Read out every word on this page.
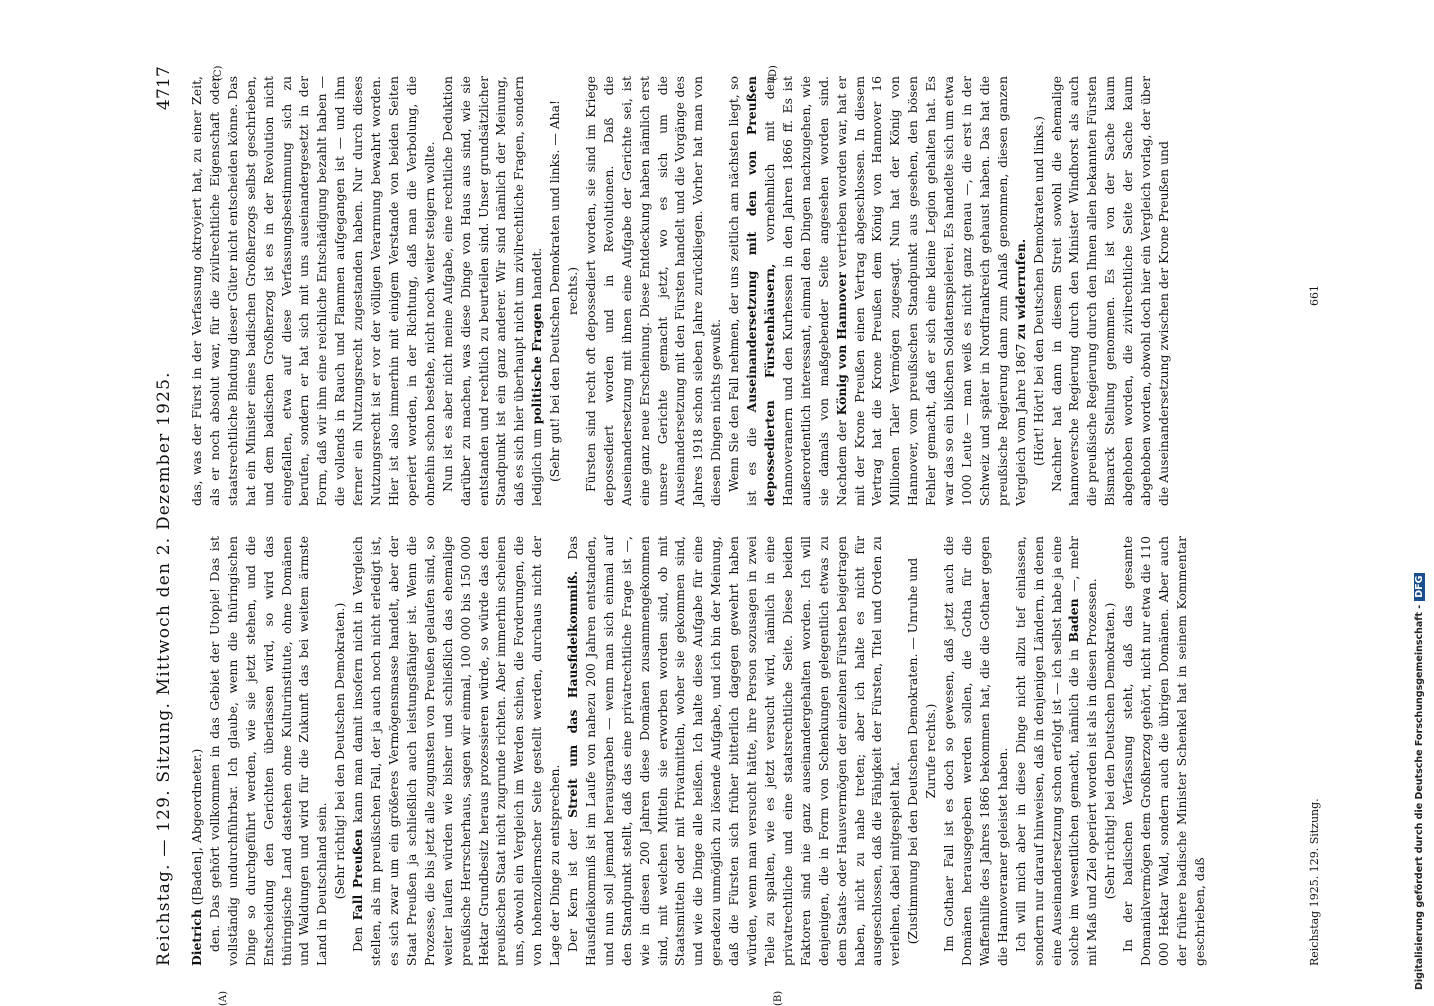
Reichstag. — 129. Sitzung. Mittwoch den 2. Dezember 1925.
4717
(A)	(B)
(C)	(D)

Dietrich ([Baden], Abgeordneter.) den. Das gehört vollkommen in das Gebiet der Utopie! Das ist vollständig undurchführbar. Ich glaube, wenn die thüringischen Dinge so durchgeführt werden, wie sie jetzt stehen, und die Entscheidung den Gerichten überlassen wird, so wird das thüringische Land dastehen ohne Kulturinstitute, ohne Domänen und Waldungen und wird für die Zukunft das bei weitem ärmste Land in Deutschland sein. (Sehr richtig! bei den Deutschen Demokraten.)

Den Fall Preußen kann man damit insofern nicht in Vergleich stellen, als im preußischen Fall, der ja auch noch nicht erledigt ist, es sich zwar um ein größeres Vermögensmasse handelt, aber der Staat Preußen ja schließlich auch leistungsfähiger ist. Wenn die Prozesse, die bis jetzt alle zugunsten von Preußen gelaufen sind, so weiter laufen würden wie bisher und schließlich das ehemalige preußische Herrscherhaus, sagen wir einmal, 100 000 bis 150 000 Hektar Grundbesitz heraus prozessieren würde, so würde das den preußischen Staat nicht zugrunde richten. Aber immerhin scheinen uns, obwohl ein Vergleich im Werden schien, die Forderungen, die von hohenzollernscher Seite gestellt werden, durchaus nicht der Lage der Dinge zu entsprechen. Der Kern ist der Streit um das Hausfideikommiß. Das Hausfideikommiß ist im Laufe von nahezu 200 Jahren entstanden, und nun soll jemand herausgraben — wenn man sich einmal auf den Standpunkt stellt, daß das eine privatrechtliche Frage ist —, wie in diesen 200 Jahren diese Domänen zusammengekommen sind, mit welchen Mitteln sie erworben worden sind, ob mit Staatsmitteln oder mit Privatmitteln, woher sie gekommen sind, und wie die Dinge alle heißen. Ich halte diese Aufgabe für eine geradezu unmöglich zu lösende Aufgabe, und ich bin der Meinung, daß die Fürsten sich früher bitterlich dagegen gewehrt haben würden, wenn man versucht hätte, ihre Person sozusagen in zwei Teile zu spalten, wie es jetzt versucht wird, nämlich in eine privatrechtliche und eine staatsrechtliche Seite. Diese beiden Faktoren sind nie ganz auseinandergehalten worden. Ich will denjenigen, die in Form von Schenkungen gelegentlich etwas zu dem Staats- oder Hausvermögen der einzelnen Fürsten beigetragen haben, nicht zu nahe treten; aber ich halte es nicht für ausgeschlossen, daß die Fähigkeit der Fürsten, Titel und Orden zu verleihen, dabei mitgespielt hat. (Zustimmung bei den Deutschen Demokraten. — Unruhe und Zurufe rechts.) Im Gothaer Fall ist es doch so gewesen, daß jetzt auch die Domänen herausgegeben werden sollen, die Gotha für die Waffenhilfe des Jahres 1866 bekommen hat, die die Gothaer gegen die Hannoveraner geleistet haben. Ich will mich aber in diese Dinge nicht allzu tief einlassen, sondern nur darauf hinweisen, daß in denjenigen Ländern, in denen eine Auseinandersetzung schon erfolgt ist — ich selbst habe ja eine solche im wesentlichen gemacht, nämlich die in Baden —, mehr mit Maß und Ziel operiert worden ist als in diesen Prozessen. (Sehr richtig! bei den Deutschen Demokraten.) In der badischen Verfassung steht, daß das gesamte Domanialvermögen dem Großherzog gehört, nicht nur etwa die 110 000 Hektar Wald, sondern auch die übrigen Domänen. Aber auch der frühere badische Minister Schenkel hat in seinem Kommentar geschrieben, daß

das, was der Fürst in der Verfassung oktroyiert hat, zu einer Zeit, als er noch absolut war, für die zivilrechtliche Eigenschaft oder staatsrechtliche Bindung dieser Güter nicht entscheiden könne. Das hat ein Minister eines badischen Großherzogs selbst geschrieben, und dem badischen Großherzog ist es in der Revolution nicht eingefallen, etwa auf diese Verfassungsbestimmung sich zu berufen, sondern er hat sich mit uns auseinandergesetzt in der Form, daß wir ihm eine reichliche Entschädigung bezahlt haben — die vollends in Rauch und Flammen aufgegangen ist — und ihm ferner ein Nutzungsrecht zugestanden haben. Nur durch dieses Nutzungsrecht ist er vor der völligen Verarmung bewahrt worden. Hier ist also immerhin mit einigem Verstande von beiden Seiten operiert worden, in der Richtung, daß man die Verbolung, die ohnehin schon bestehe, nicht noch weiter steigern wollte. Nun ist es aber nicht meine Aufgabe, eine rechtliche Deduktion darüber zu machen, was diese Dinge von Haus aus sind, wie sie entstanden und rechtlich zu beurteilen sind. Unser grundsätzlicher Standpunkt ist ein ganz anderer. Wir sind nämlich der Meinung, daß es sich hier überhaupt nicht um zivilrechtliche Fragen, sondern lediglich um politische Fragen handelt. (Sehr gut! bei den Deutschen Demokraten und links. — Aha! rechts.) Fürsten sind recht oft depossediert worden, sie sind im Kriege depossediert worden und in Revolutionen. Daß die Auseinandersetzung mit ihnen eine Aufgabe der Gerichte sei, ist eine ganz neue Erscheinung. Diese Entdeckung haben nämlich erst unsere Gerichte gemacht jetzt, wo es sich um die Auseinandersetzung mit den Fürsten handelt und die Vorgänge des Jahres 1918 schon sieben Jahre zurückliegen. Vorher hat man von diesen Dingen nichts gewußt. Wenn Sie den Fall nehmen, der uns zeitlich am nächsten liegt, so ist es die Auseinandersetzung mit den von Preußen depossedierten Fürstenhäusern, vornehmlich mit den Hannoveranern und den Kurhessen in den Jahren 1866 ff. Es ist außerordentlich interessant, einmal den Dingen nachzugehen, wie sie damals von maßgebender Seite angesehen worden sind. Nachdem der König von Hannover vertrieben worden war, hat er mit der Krone Preußen einen Vertrag abgeschlossen. In diesem Vertrag hat die Krone Preußen dem König von Hannover 16 Millionen Taler Vermögen zugesagt. Nun hat der König von Hannover, vom preußischen Standpunkt aus gesehen, den bösen Fehler gemacht, daß er sich eine kleine Legion gehalten hat. Es war das so ein bißchen Soldatenspielerei. Es handelte sich um etwa 1000 Leute — man weiß es nicht ganz genau —, die erst in der Schweiz und später in Nordfrankreich gehaust haben. Das hat die preußische Regierung dann zum Anlaß genommen, diesen ganzen Vergleich vom Jahre 1867 zu widerrufen. (Hört! Hört! bei den Deutschen Demokraten und links.) Nachher hat dann in diesem Streit sowohl die ehemalige hannoversche Regierung durch den Minister Windhorst als auch die preußische Regierung durch den Ihnen allen bekannten Fürsten Bismarck Stellung genommen. Es ist von der Sache kaum abgehoben worden, die zivilrechtliche Seite der Sache kaum abgehoben worden, obwohl doch hier ein Vergleich vorlag, der über die Auseinandersetzung zwischen der Krone Preußen und

Reichstag 1925. 129. Sitzung.
661
Digitalisierung gefördert durch die Deutsche Forschungsgemeinschaft -DFG
